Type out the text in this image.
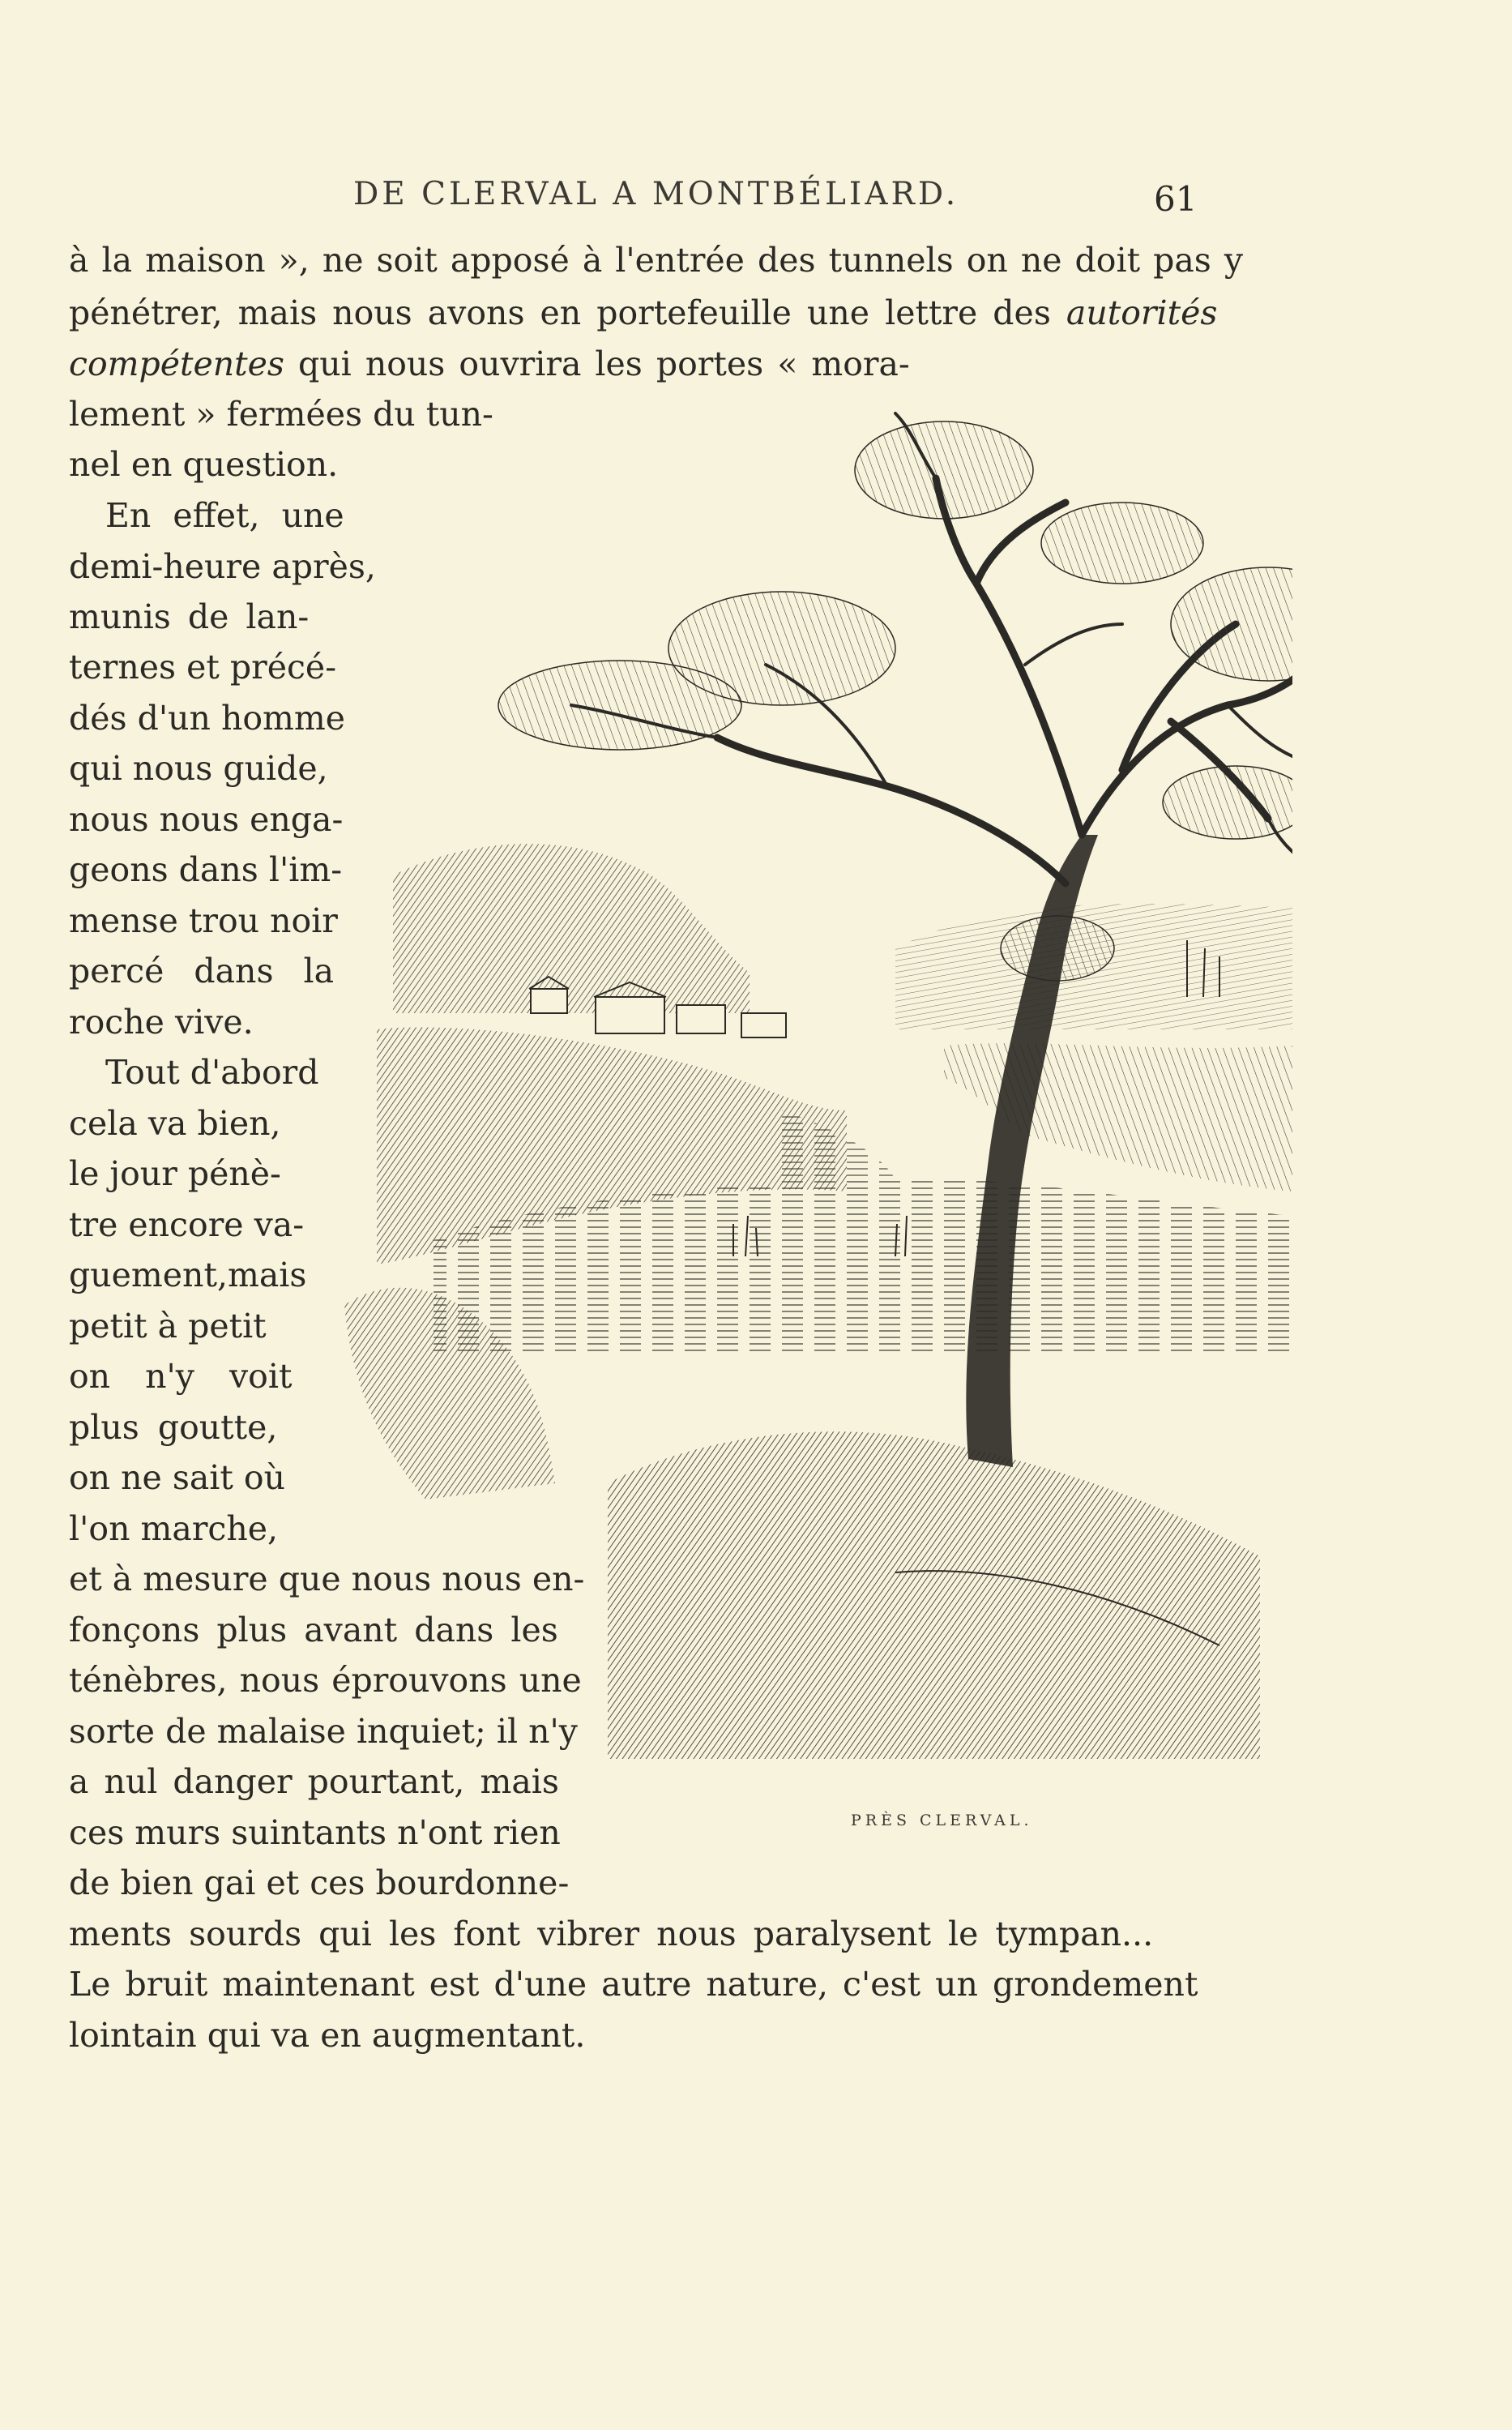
DE CLERVAL A MONTBÉLIARD.	61
à la maison », ne soit apposé à l'entrée des tunnels on ne doit pas y
pénétrer, mais nous avons en portefeuille une lettre des autorités
compétentes qui nous ouvrira les portes « mora-
lement » fermées du tun-
nel en question.
En effet, une
demi-heure après,
munis de lan-
ternes et précé-
dés d'un homme
qui nous guide,
nous nous enga-
geons dans l'im-
mense trou noir
percé dans la
roche vive.
Tout d'abord
cela va bien,
le jour pénè-
tre encore va-
guement,mais
petit à petit
on n'y voit
plus goutte,
on ne sait où
l'on marche,
et à mesure que nous nous en-
fonçons plus avant dans les
ténèbres, nous éprouvons une
sorte de malaise inquiet; il n'y
a nul danger pourtant, mais
ces murs suintants n'ont rien
de bien gai et ces bourdonne-
ments sourds qui les font vibrer nous paralysent le tympan...
Le bruit maintenant est d'une autre nature, c'est un grondement
lointain qui va en augmentant.
PRÈS CLERVAL.
